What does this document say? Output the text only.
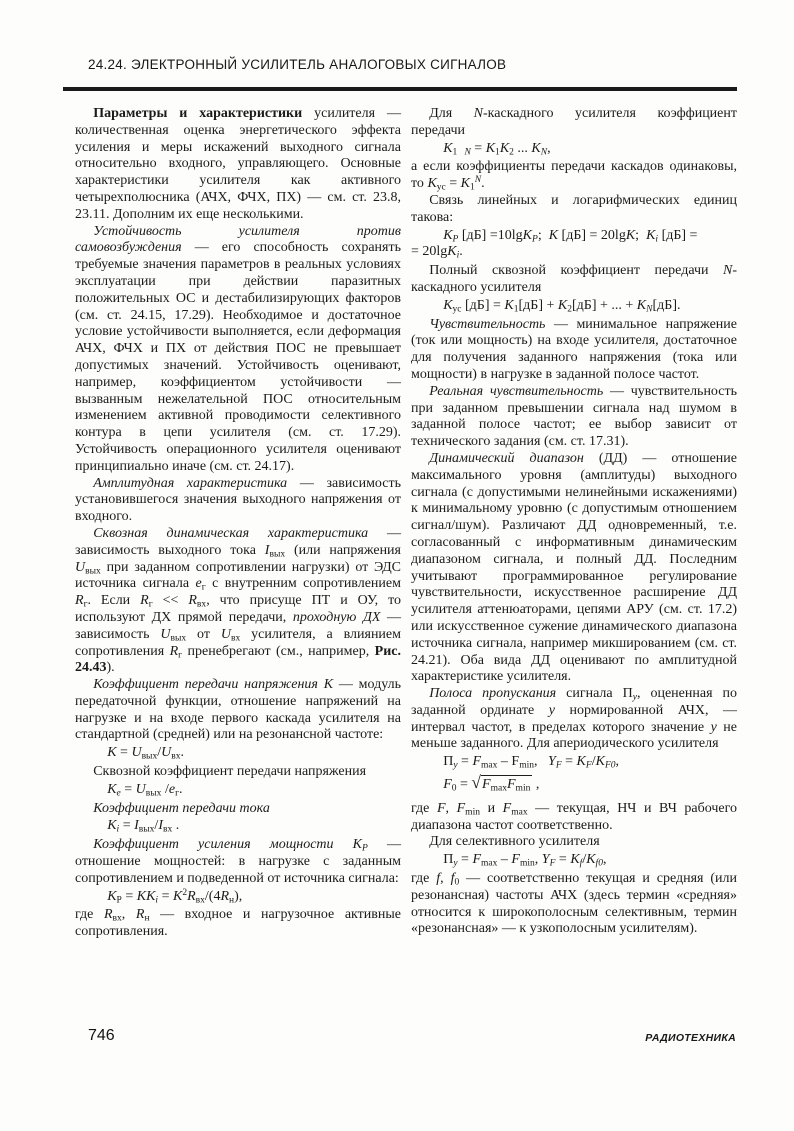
24.24. ЭЛЕКТРОННЫЙ УСИЛИТЕЛЬ АНАЛОГОВЫХ СИГНАЛОВ

Параметры и характеристики усилителя — количественная оценка энергетического эффекта усиления и меры искажений выходного сигнала относительно входного, управляющего. Основные характеристики усилителя как активного четырехполюсника (АЧХ, ФЧХ, ПХ) — см. ст. 23.8, 23.11. Дополним их еще несколькими.

Устойчивость усилителя против самовозбуждения — его способность сохранять требуемые значения параметров в реальных условиях эксплуатации при действии паразитных положительных ОС и дестабилизирующих факторов (см. ст. 24.15, 17.29). Необходимое и достаточное условие устойчивости выполняется, если деформация АЧХ, ФЧХ и ПХ от действия ПОС не превышает допустимых значений. Устойчивость оценивают, например, коэффициентом устойчивости — вызванным нежелательной ПОС относительным изменением активной проводимости селективного контура в цепи усилителя (см. ст. 17.29). Устойчивость операционного усилителя оценивают принципиально иначе (см. ст. 24.17).

Амплитудная характеристика — зависимость установившегося значения выходного напряжения от входного.

Сквозная динамическая характеристика — зависимость выходного тока $I_{вых}$ (или напряжения $U_{вых}$ при заданном сопротивлении нагрузки) от ЭДС источника сигнала $е_г$ с внутренним сопротивлением $R_г$. Если $R_г << R_{вх}$, что присуще ПТ и ОУ, то используют ДХ прямой передачи, проходную ДХ — зависимость $U_{вых}$ от $U_{вх}$ усилителя, а влиянием сопротивления $R_г$ пренебрегают (см., например, Рис. 24.43).

Коэффициент передачи напряжения К — модуль передаточной функции, отношение напряжений на нагрузке и на входе первого каскада усилителя на стандартной (средней) или на резонансной частоте:

$K = U_{вых}/U_{вх}$.

Сквозной коэффициент передачи напряжения

$K_e = U_{вых}$ $/е_г$.

Коэффициент передачи тока

$K_i = I_{вых}/I_{вх}$ .

Коэффициент усиления мощности $K_P$ — отношение мощностей: в нагрузке с заданным сопротивлением и подведенной от источника сигнала:

$K_Р = KK_i = K^2R_{вх}/(4R_н)$,

где $R_{вх}$, $R_н$ — входное и нагрузочное активные сопротивления.

Для N-каскадного усилителя коэффициент передачи

$K_{1 N} = K_1K_2$ ... $K_N$,

а если коэффициенты передачи каскадов одинаковы, то $K_{ус} = K_1^N$.

Связь линейных и логарифмических единиц такова:

$K_P$ [дБ] =10lgK$_P$;  K [дБ] = 20lgK;  $K_i$ [дБ] =
= 20lgK$_i$.

Полный сквозной коэффициент передачи N-каскадного усилителя

$K_{ус}$ $[дБ] = K_1[дБ] + K_2[дБ]$ + ... + $K_N[дБ]$.

Чувствительность — минимальное напряжение (ток или мощность) на входе усилителя, достаточное для получения заданного напряжения (тока или мощности) в нагрузке в заданной полосе частот.

Реальная чувствительность — чувствительность при заданном превышении сигнала над шумом в заданной полосе частот; ее выбор зависит от технического задания (см. ст. 17.31).

Динамический диапазон (ДД) — отношение максимального уровня (амплитуды) выходного сигнала (с допустимыми нелинейными искажениями) к минимальному уровню (с допустимым отношением сигнал/шум). Различают ДД одновременный, т.е. согласованный с информативным динамическим диапазоном сигнала, и полный ДД. Последним учитывают программированное регулирование чувствительности, искусственное расширение ДД усилителя аттенюаторами, цепями АРУ (см. ст. 17.2) или искусственное сужение динамического диапазона источника сигнала, например микшированием (см. ст. 24.21). Оба вида ДД оценивают по амплитудной характеристике усилителя.

Полоса пропускания сигнала $П_y$, оцененная по заданной ординате y нормированной АЧХ, — интервал частот, в пределах которого значение y не меньше заданного. Для апериодического усилителя

$П_y = F_{max} - F_{min}$,   $Y_F = K_F/K_{F0}$,

$F_0 = √F_{max}F_{min}$ ,

где F, $F_{min}$ и $F_{max}$ — текущая, НЧ и ВЧ рабочего диапазона частот соответственно.

Для селективного усилителя

$П_y = F_{max} - F_{min}$, $Y_F = K_f/K_{f0}$,

где f, $f_0$ — соответственно текущая и средняя (или резонансная) частоты АЧХ (здесь термин «средняя» относится к широкополосным селективным, термин «резонансная» — к узкополосным усилителям).

746	РАДИОТЕХНИКА
